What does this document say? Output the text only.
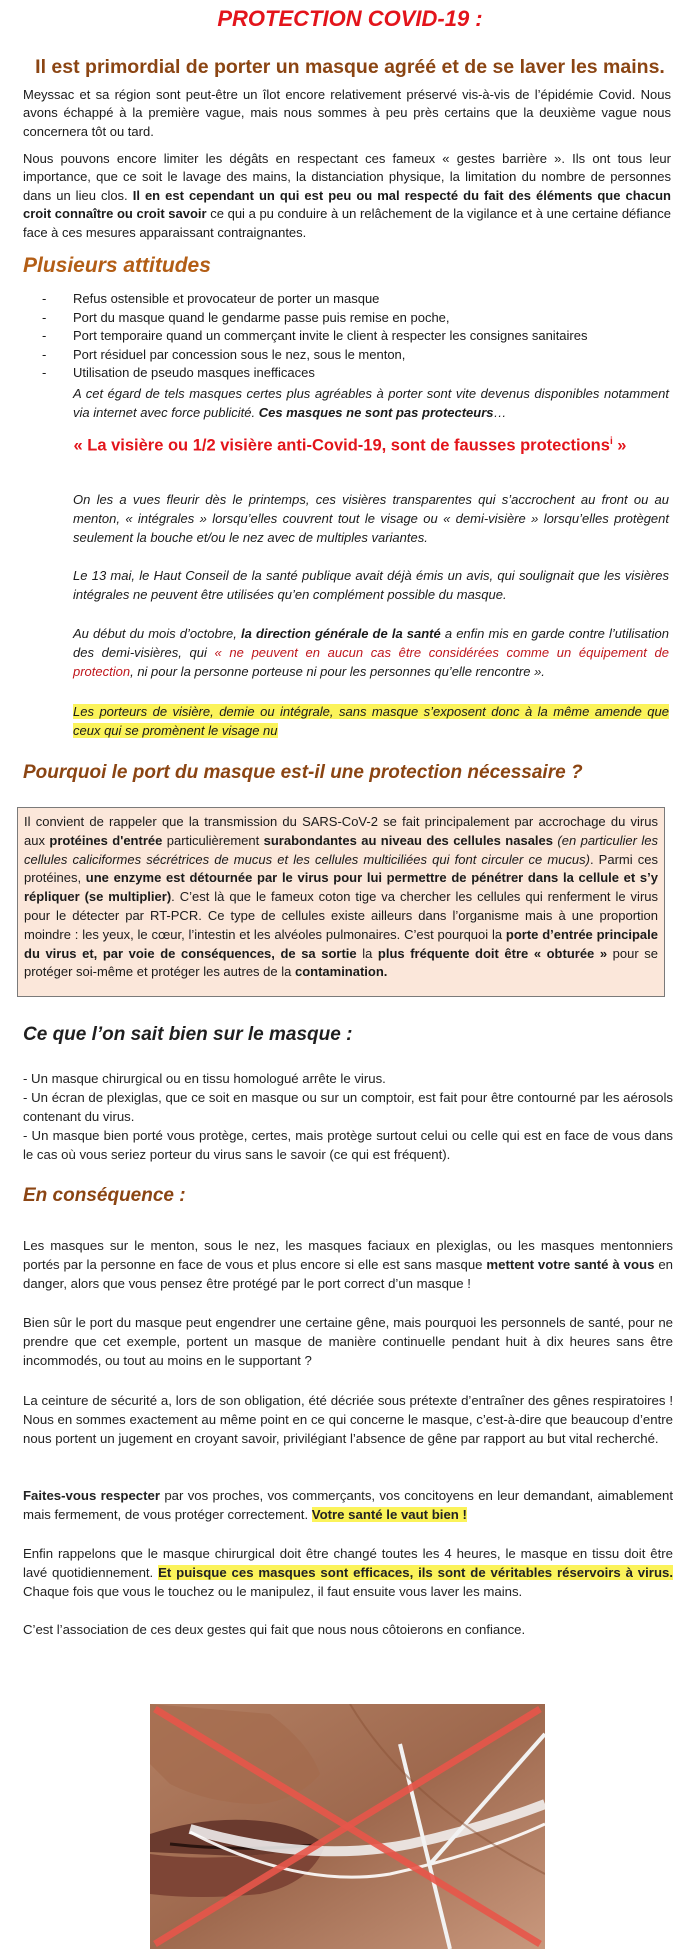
PROTECTION COVID-19 :
Il est primordial de porter un masque agréé et de se laver les mains.

Meyssac et sa région sont peut-être un îlot encore relativement préservé vis-à-vis de l’épidémie Covid. Nous avons échappé à la première vague, mais nous sommes à peu près certains que la deuxième vague nous concernera tôt ou tard.

Nous pouvons encore limiter les dégâts en respectant ces fameux « gestes barrière ». Ils ont tous leur importance, que ce soit le lavage des mains, la distanciation physique, la limitation du nombre de personnes dans un lieu clos. Il en est cependant un qui est peu ou mal respecté du fait des éléments que chacun croit connaître ou croit savoir ce qui a pu conduire à un relâchement de la vigilance et à une certaine défiance face à ces mesures apparaissant contraignantes.

Plusieurs attitudes
- Refus ostensible et provocateur de porter un masque
- Port du masque quand le gendarme passe puis remise en poche,
- Port temporaire quand un commerçant invite le client à respecter les consignes sanitaires
- Port résiduel par concession sous le nez, sous le menton,
- Utilisation de pseudo masques inefficaces

A cet égard de tels masques certes plus agréables à porter sont vite devenus disponibles notamment via internet avec force publicité. Ces masques ne sont pas protecteurs…

« La visière ou 1/2 visière anti-Covid-19, sont de fausses protections$^i$ »

On les a vues fleurir dès le printemps, ces visières transparentes qui s’accrochent au front ou au menton, « intégrales » lorsqu’elles couvrent tout le visage ou « demi-visière » lorsqu’elles protègent seulement la bouche et/ou le nez avec de multiples variantes.

Le 13 mai, le Haut Conseil de la santé publique avait déjà émis un avis, qui soulignait que les visières intégrales ne peuvent être utilisées qu’en complément possible du masque.

Au début du mois d’octobre, la direction générale de la santé a enfin mis en garde contre l’utilisation des demi-visières, qui « ne peuvent en aucun cas être considérées comme un équipement de protection, ni pour la personne porteuse ni pour les personnes qu’elle rencontre ».

Les porteurs de visière, demie ou intégrale, sans masque s’exposent donc à la même amende que ceux qui se promènent le visage nu

Pourquoi le port du masque est-il une protection nécessaire ?
Il convient de rappeler que la transmission du SARS-CoV-2 se fait principalement par accrochage du virus aux protéines d'entrée particulièrement surabondantes au niveau des cellules nasales (en particulier les cellules caliciformes sécrétrices de mucus et les cellules multiciliées qui font circuler ce mucus). Parmi ces protéines, une enzyme est détournée par le virus pour lui permettre de pénétrer dans la cellule et s’y répliquer (se multiplier). C’est là que le fameux coton tige va chercher les cellules qui renferment le virus pour le détecter par RT-PCR. Ce type de cellules existe ailleurs dans l’organisme mais à une proportion moindre : les yeux, le cœur, l’intestin et les alvéoles pulmonaires. C’est pourquoi la porte d’entrée principale du virus et, par voie de conséquences, de sa sortie la plus fréquente doit être « obturée » pour se protéger soi-même et protéger les autres de la contamination.
Ce que l’on sait bien sur le masque :

- Un masque chirurgical ou en tissu homologué arrête le virus.

- Un écran de plexiglas, que ce soit en masque ou sur un comptoir, est fait pour être contourné par les aérosols contenant du virus.

- Un masque bien porté vous protège, certes, mais protège surtout celui ou celle qui est en face de vous dans le cas où vous seriez porteur du virus sans le savoir (ce qui est fréquent).

En conséquence :

Les masques sur le menton, sous le nez, les masques faciaux en plexiglas, ou les masques mentonniers portés par la personne en face de vous et plus encore si elle est sans masque mettent votre santé à vous en danger, alors que vous pensez être protégé par le port correct d’un masque !

Bien sûr le port du masque peut engendrer une certaine gêne, mais pourquoi les personnels de santé, pour ne prendre que cet exemple, portent un masque de manière continuelle pendant huit à dix heures sans être incommodés, ou tout au moins en le supportant ?

La ceinture de sécurité a, lors de son obligation, été décriée sous prétexte d’entraîner des gênes respiratoires ! Nous en sommes exactement au même point en ce qui concerne le masque, c’est-à-dire que beaucoup d’entre nous portent un jugement en croyant savoir, privilégiant l’absence de gêne par rapport au but vital recherché.

Faites-vous respecter par vos proches, vos commerçants, vos concitoyens en leur demandant, aimablement mais fermement, de vous protéger correctement. Votre santé le vaut bien !

Enfin rappelons que le masque chirurgical doit être changé toutes les 4 heures, le masque en tissu doit être lavé quotidiennement. Et puisque ces masques sont efficaces, ils sont de véritables réservoirs à virus. Chaque fois que vous le touchez ou le manipulez, il faut ensuite vous laver les mains.

C’est l’association de ces deux gestes qui fait que nous nous côtoierons en confiance.
